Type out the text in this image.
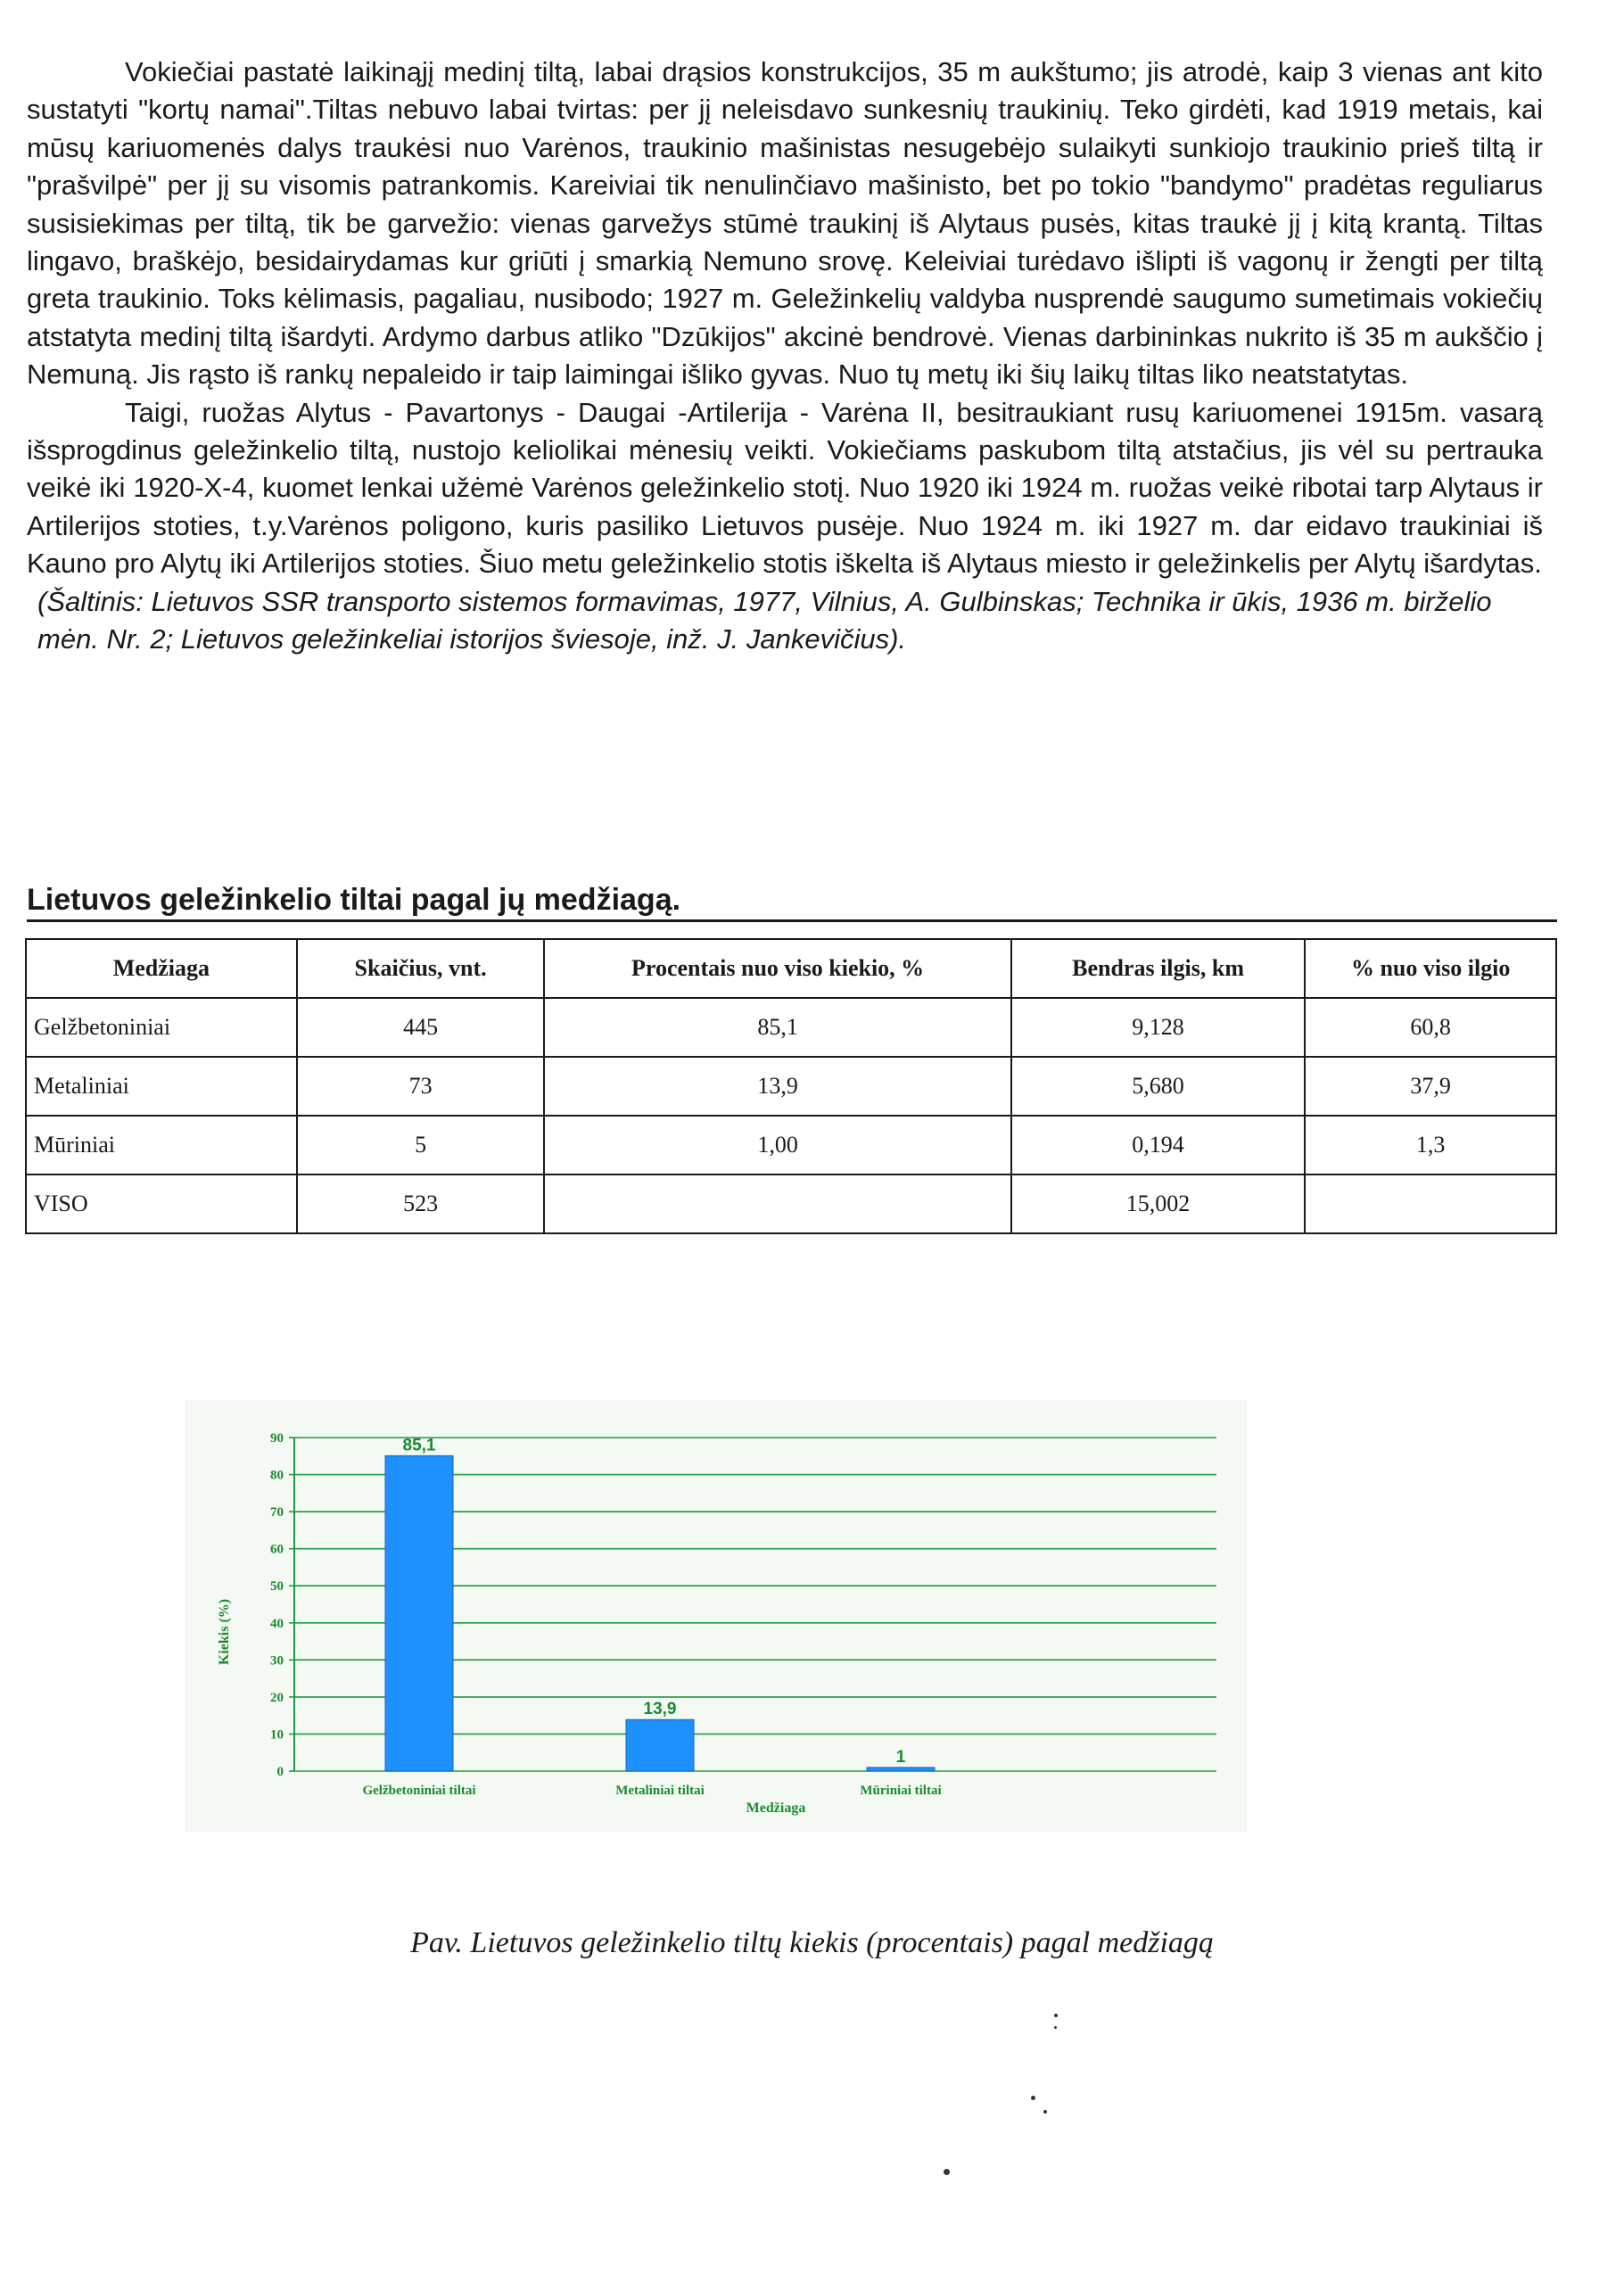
Vokiečiai pastatė laikinąjį medinį tiltą, labai drąsios konstrukcijos, 35 m aukštumo; jis atrodė, kaip 3 vienas ant kito sustatyti "kortų namai".Tiltas nebuvo labai tvirtas: per jį neleisdavo sunkesnių traukinių. Teko girdėti, kad 1919 metais, kai mūsų kariuomenės dalys traukėsi nuo Varėnos, traukinio mašinistas nesugebėjo sulaikyti sunkiojo traukinio prieš tiltą ir "prašvilpė" per jį su visomis patrankomis. Kareiviai tik nenulinčiavo mašinisto, bet po tokio "bandymo" pradėtas reguliarus susisiekimas per tiltą, tik be garvežio: vienas garvežys stūmė traukinį iš Alytaus pusės, kitas traukė jį į kitą krantą. Tiltas lingavo, braškėjo, besidairydamas kur griūti į smarkią Nemuno srovę. Keleiviai turėdavo išlipti iš vagonų ir žengti per tiltą greta traukinio. Toks kėlimasis, pagaliau, nusibodo; 1927 m. Geležinkelių valdyba nusprendė saugumo sumetimais vokiečių atstatyta medinį tiltą išardyti. Ardymo darbus atliko "Dzūkijos" akcinė bendrovė. Vienas darbininkas nukrito iš 35 m aukščio į Nemuną. Jis rąsto iš rankų nepaleido ir taip laimingai išliko gyvas. Nuo tų metų iki šių laikų tiltas liko neatstatytas.

Taigi, ruožas Alytus - Pavartonys - Daugai -Artilerija - Varėna II, besitraukiant rusų kariuomenei 1915m. vasarą išsprogdinus geležinkelio tiltą, nustojo keliolikai mėnesių veikti. Vokiečiams paskubom tiltą atstačius, jis vėl su pertrauka veikė iki 1920-X-4, kuomet lenkai užėmė Varėnos geležinkelio stotį. Nuo 1920 iki 1924 m. ruožas veikė ribotai tarp Alytaus ir Artilerijos stoties, t.y.Varėnos poligono, kuris pasiliko Lietuvos pusėje. Nuo 1924 m. iki 1927 m. dar eidavo traukiniai iš Kauno pro Alytų iki Artilerijos stoties. Šiuo metu geležinkelio stotis iškelta iš Alytaus miesto ir geležinkelis per Alytų išardytas.

(Šaltinis: Lietuvos SSR transporto sistemos formavimas, 1977, Vilnius, A. Gulbinskas; Technika ir ūkis, 1936 m. birželio mėn. Nr. 2; Lietuvos geležinkeliai istorijos šviesoje, inž. J. Jankevičius).

Lietuvos geležinkelio tiltai pagal jų medžiagą.
Medžiaga	Skaičius, vnt.	Procentais nuo viso kiekio, %	Bendras ilgis, km	% nuo viso ilgio
Gelžbetoniniai	445	85,1	9,128	60,8
Metaliniai	73	13,9	5,680	37,9
Mūriniai	5	1,00	0,194	1,3
VISO	523		15,002	
0
10
20
30
40
50
60
70
80
90	85,1
13,9
1
Gelžbetoniniai tiltai	Metaliniai tiltai	Mūriniai tiltai
Kiekis (%)
Medžiaga
Pav. Lietuvos geležinkelio tiltų kiekis (procentais) pagal medžiagą
